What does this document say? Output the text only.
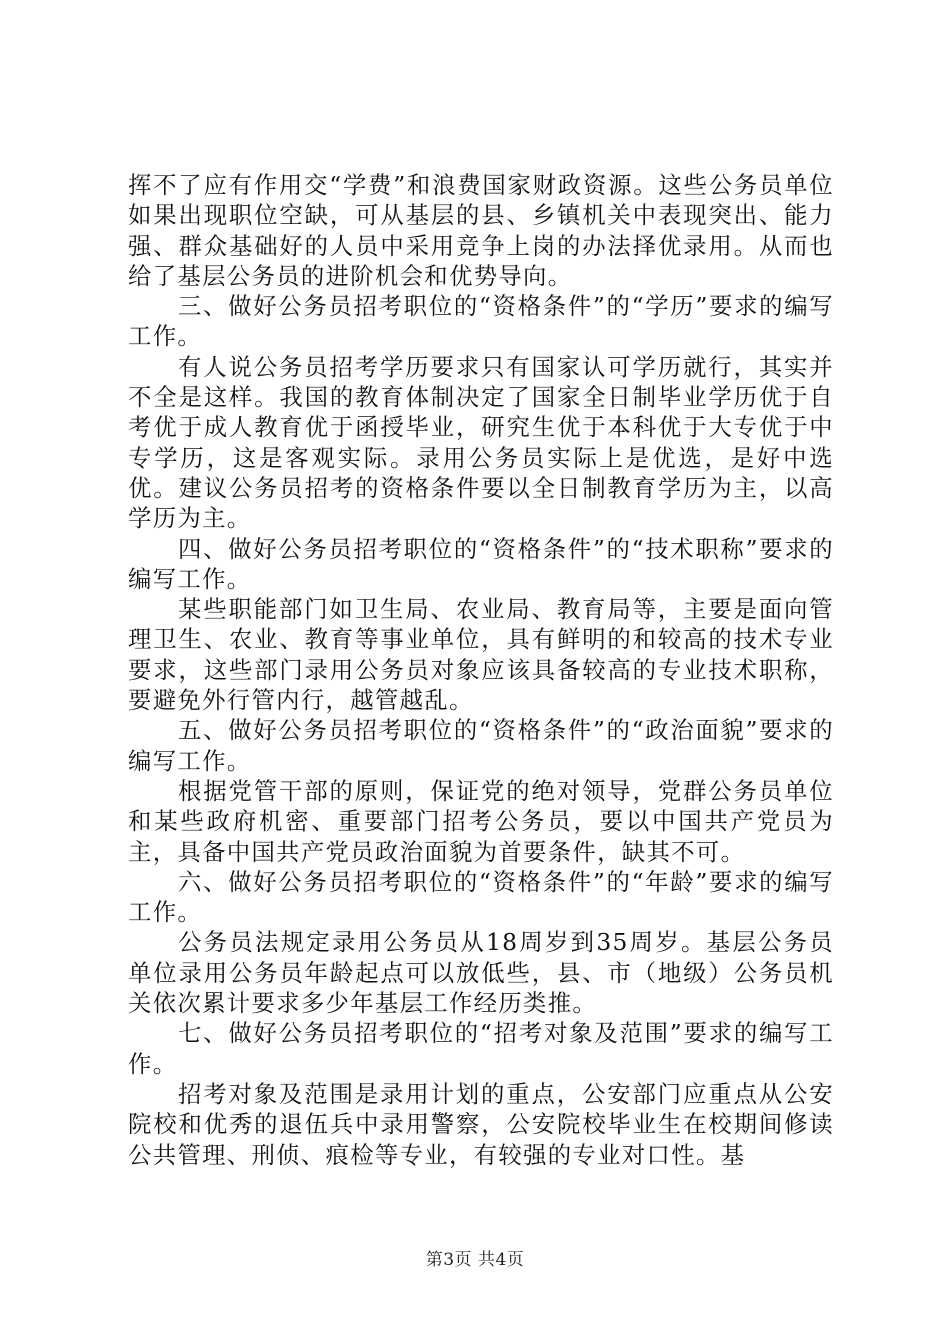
挥不了应有作用交“学费”和浪费国家财政资源。这些公务员单位如果出现职位空缺，可从基层的县、乡镇机关中表现突出、能力强、群众基础好的人员中采用竞争上岗的办法择优录用。从而也给了基层公务员的进阶机会和优势导向。

三、做好公务员招考职位的“资格条件”的“学历”要求的编写工作。

有人说公务员招考学历要求只有国家认可学历就行，其实并不全是这样。我国的教育体制决定了国家全日制毕业学历优于自考优于成人教育优于函授毕业，研究生优于本科优于大专优于中专学历，这是客观实际。录用公务员实际上是优选，是好中选优。建议公务员招考的资格条件要以全日制教育学历为主，以高学历为主。

四、做好公务员招考职位的“资格条件”的“技术职称”要求的编写工作。

某些职能部门如卫生局、农业局、教育局等，主要是面向管理卫生、农业、教育等事业单位，具有鲜明的和较高的技术专业要求，这些部门录用公务员对象应该具备较高的专业技术职称，要避免外行管内行，越管越乱。

五、做好公务员招考职位的“资格条件”的“政治面貌”要求的编写工作。

根据党管干部的原则，保证党的绝对领导，党群公务员单位和某些政府机密、重要部门招考公务员，要以中国共产党员为主，具备中国共产党员政治面貌为首要条件，缺其不可。

六、做好公务员招考职位的“资格条件”的“年龄”要求的编写工作。

公务员法规定录用公务员从18周岁到35周岁。基层公务员单位录用公务员年龄起点可以放低些，县、市（地级）公务员机关依次累计要求多少年基层工作经历类推。

七、做好公务员招考职位的“招考对象及范围”要求的编写工作。

招考对象及范围是录用计划的重点，公安部门应重点从公安院校和优秀的退伍兵中录用警察，公安院校毕业生在校期间修读公共管理、刑侦、痕检等专业，有较强的专业对口性。基

第3页 共4页
